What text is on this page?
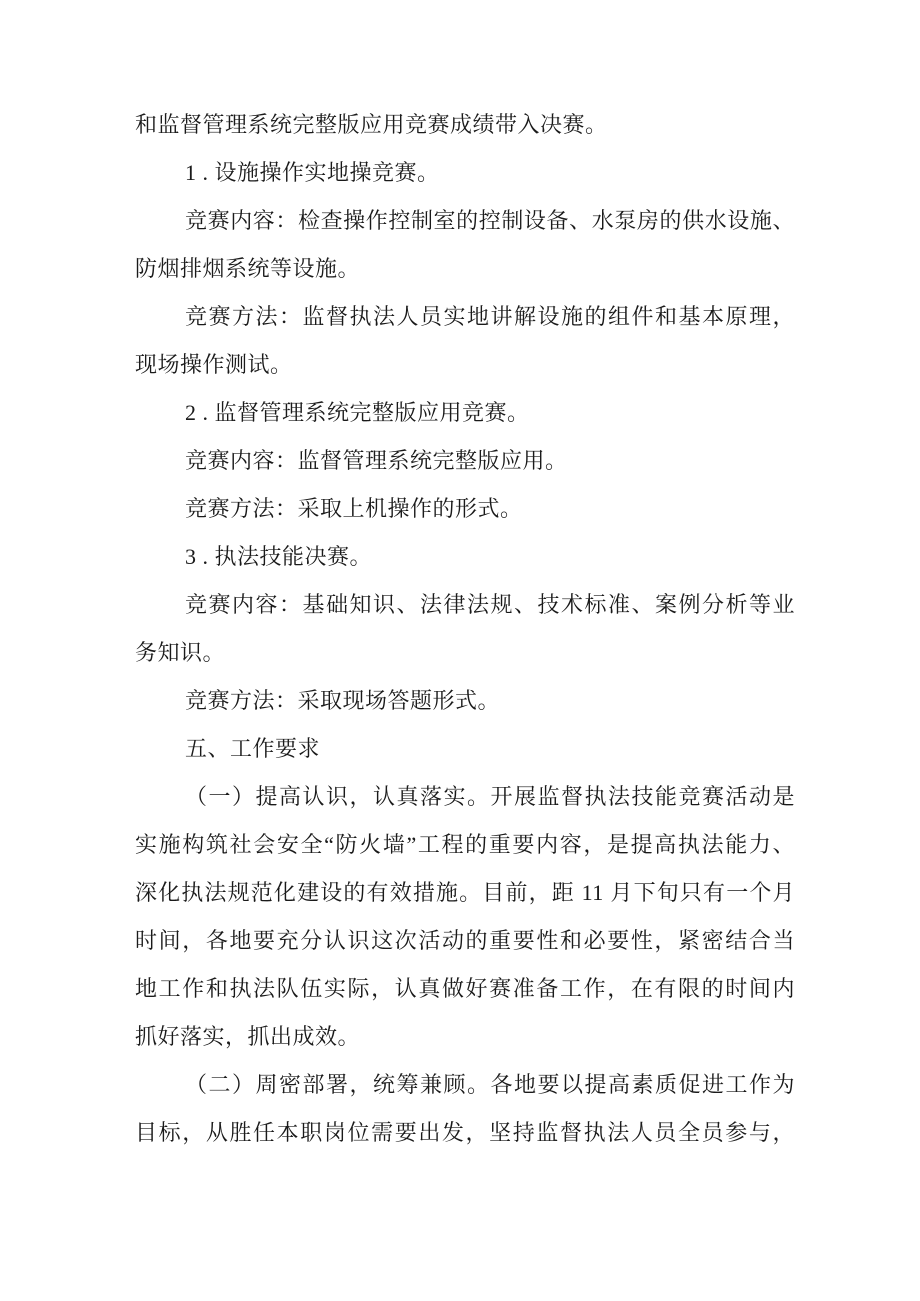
和监督管理系统完整版应用竞赛成绩带入决赛。
1 . 设施操作实地操竞赛。
竞赛内容：检查操作控制室的控制设备、水泵房的供水设施、
防烟排烟系统等设施。
竞赛方法：监督执法人员实地讲解设施的组件和基本原理，
现场操作测试。
2 . 监督管理系统完整版应用竞赛。
竞赛内容：监督管理系统完整版应用。
竞赛方法：采取上机操作的形式。
3 . 执法技能决赛。
竞赛内容：基础知识、法律法规、技术标准、案例分析等业
务知识。
竞赛方法：采取现场答题形式。
五、工作要求
（一）提高认识，认真落实。开展监督执法技能竞赛活动是
实施构筑社会安全“防火墙”工程的重要内容，是提高执法能力、
深化执法规范化建设的有效措施。目前，距 11 月下旬只有一个月
时间，各地要充分认识这次活动的重要性和必要性，紧密结合当
地工作和执法队伍实际，认真做好赛准备工作，在有限的时间内
抓好落实，抓出成效。
（二）周密部署，统筹兼顾。各地要以提高素质促进工作为
目标，从胜任本职岗位需要出发，坚持监督执法人员全员参与，
